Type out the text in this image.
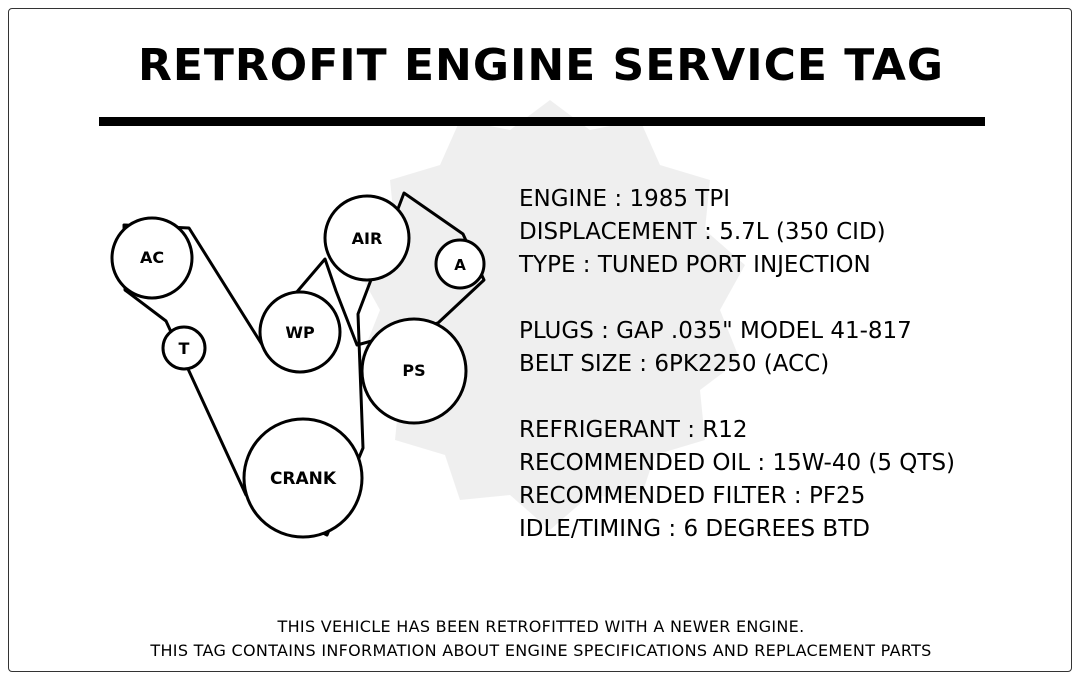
RETROFIT ENGINE SERVICE TAG
AC
T
WP
AIR
A
PS
CRANK
ENGINE : 1985 TPI
DISPLACEMENT : 5.7L (350 CID)
TYPE : TUNED PORT INJECTION
PLUGS : GAP .035" MODEL 41-817
BELT SIZE : 6PK2250 (ACC)
REFRIGERANT : R12
RECOMMENDED OIL : 15W-40 (5 QTS)
RECOMMENDED FILTER : PF25
IDLE/TIMING : 6 DEGREES BTD
THIS VEHICLE HAS BEEN RETROFITTED WITH A NEWER ENGINE.
THIS TAG CONTAINS INFORMATION ABOUT ENGINE SPECIFICATIONS AND REPLACEMENT PARTS
